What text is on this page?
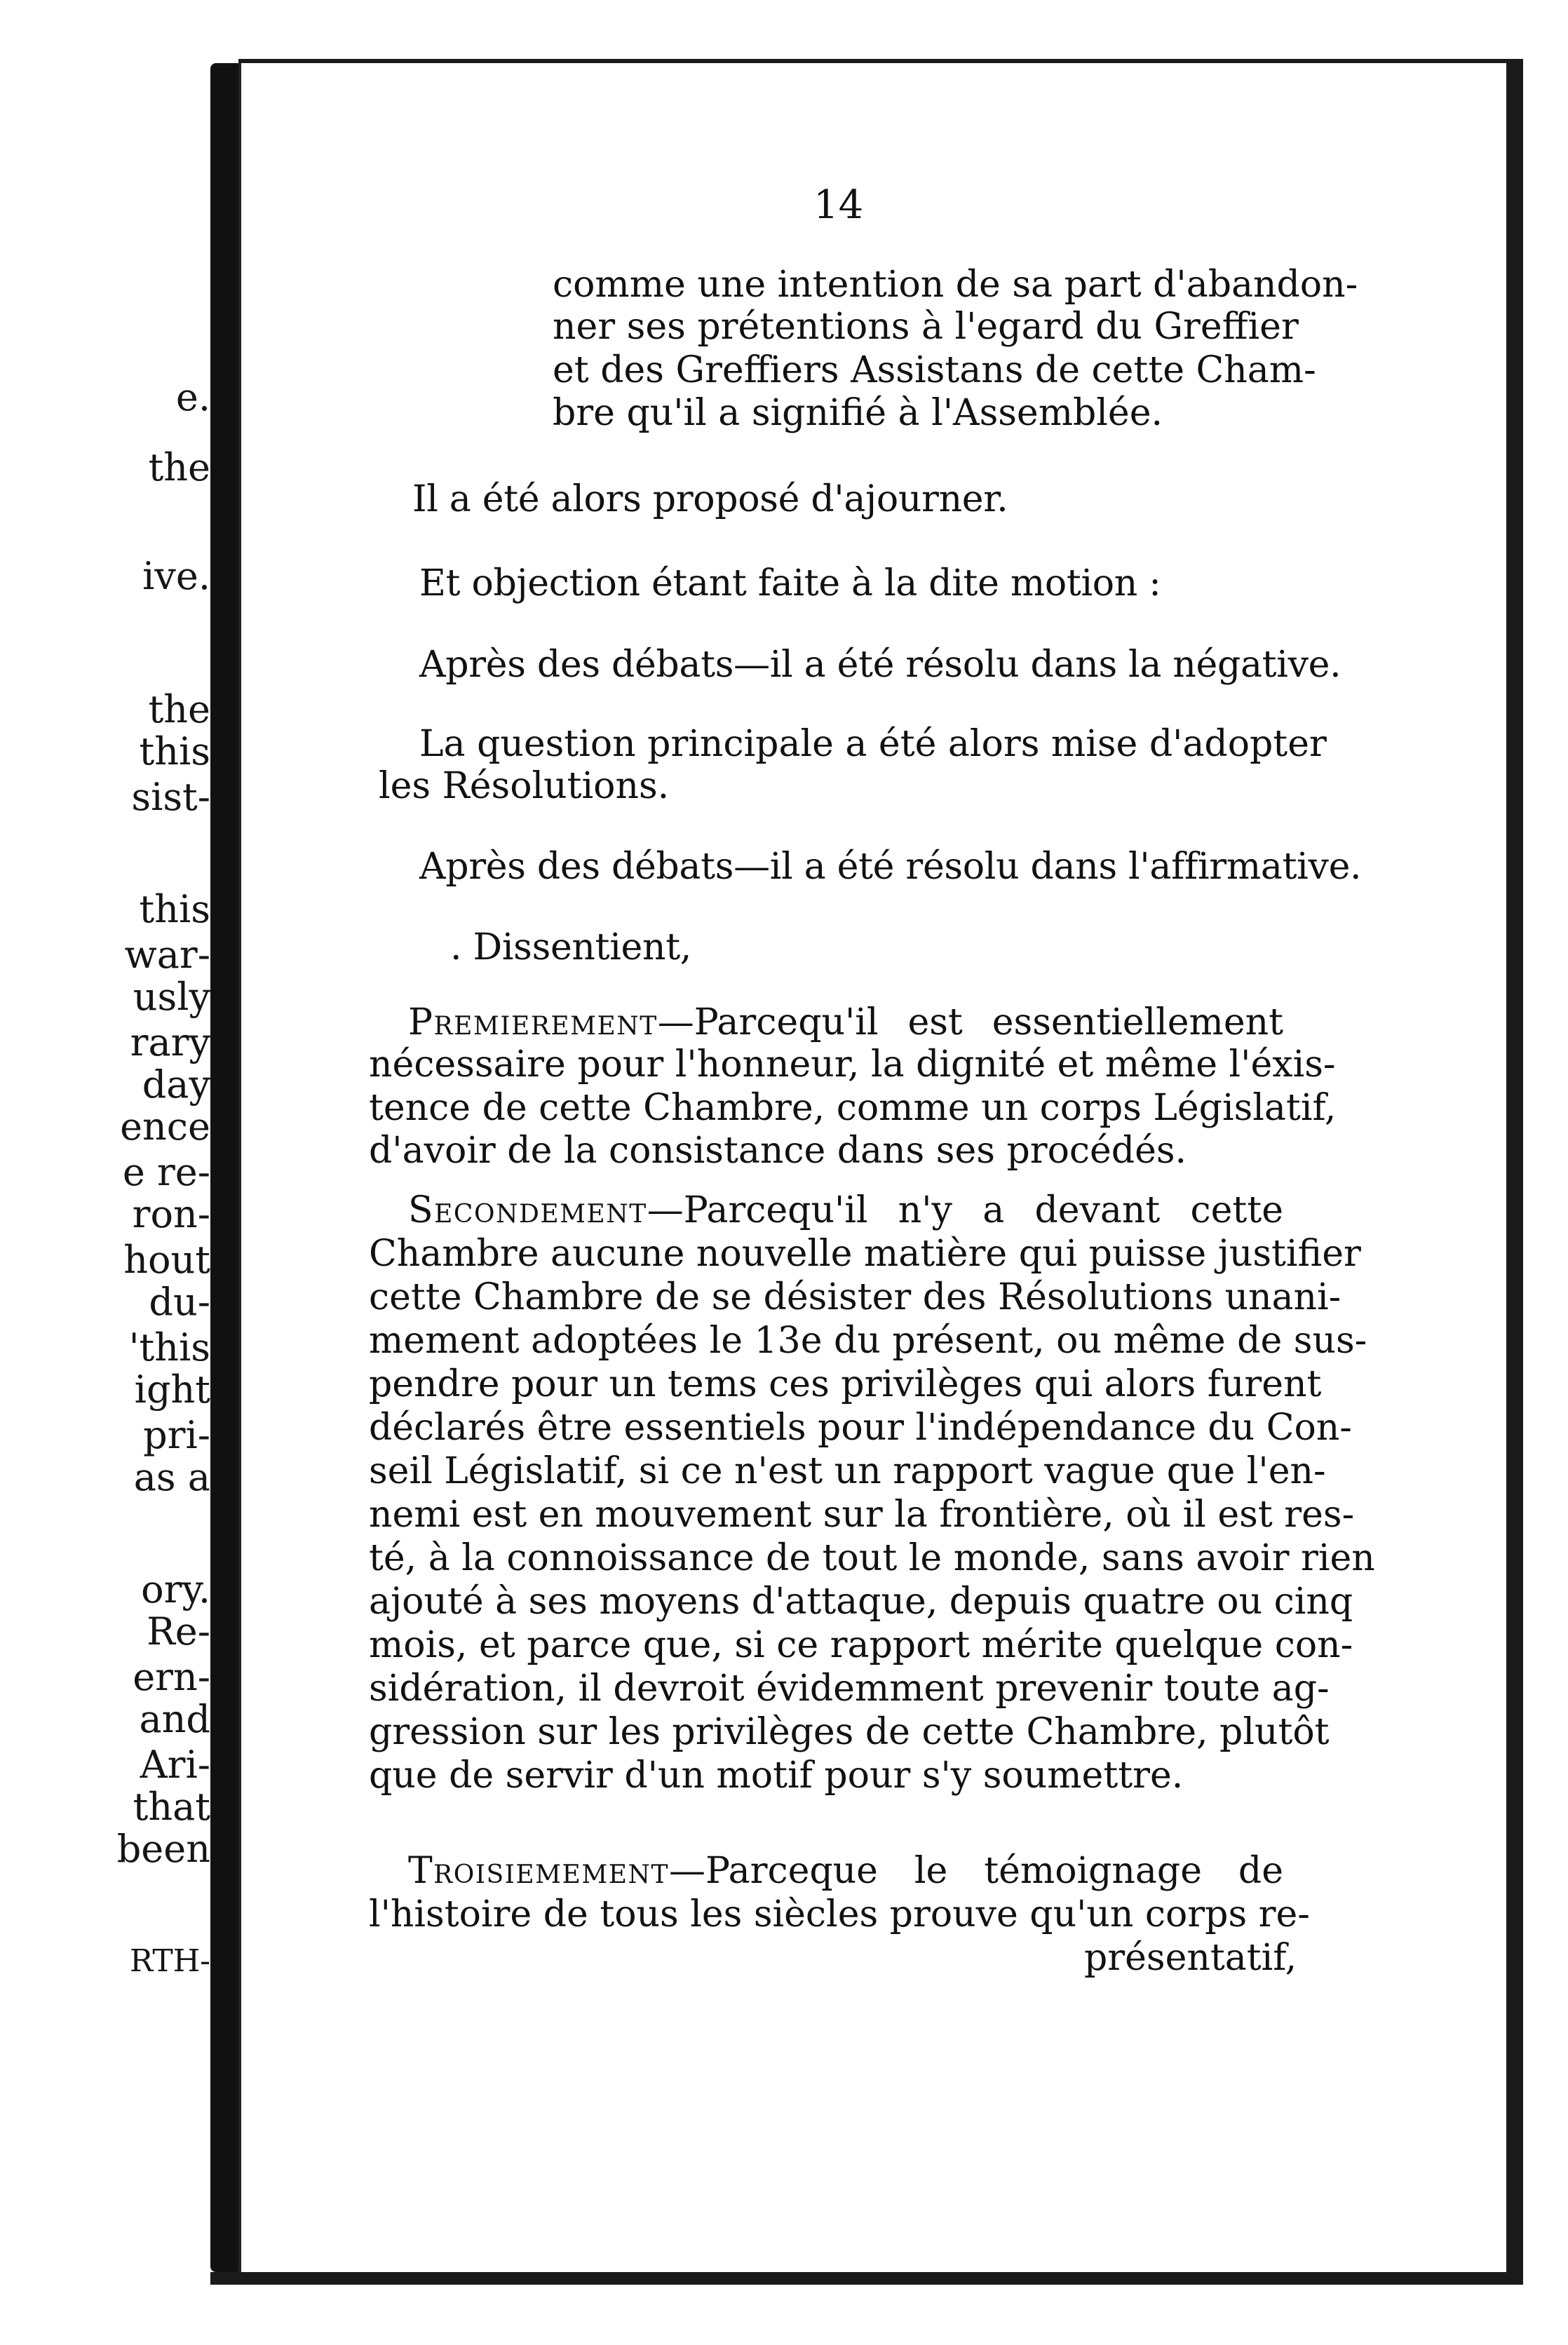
e.
the
ive.
the
this
sist-
this
war-
usly
rary
day
ence
e re-
ron-
hout
du-
'this
ight
pri-
as a
ory.
Re-
ern-
and
Ari-
that
been
RTH-
14
comme une intention de sa part d'abandon-
ner ses prétentions à l'egard du Greffier
et des Greffiers Assistans de cette Cham-
bre qu'il a signifié à l'Assemblée.
Il a été alors proposé d'ajourner.
Et objection étant faite à la dite motion :
Après des débats—il a été résolu dans la négative.
La question principale a été alors mise d'adopter
les Résolutions.
Après des débats—il a été résolu dans l'affirmative.
. Dissentient,
Premierement —Parcequ'il est essentiellement
nécessaire pour l'honneur, la dignité et même l'éxis-
tence de cette Chambre, comme un corps Législatif,
d'avoir de la consistance dans ses procédés.
Secondement —Parcequ'il n'y a devant cette
Chambre aucune nouvelle matière qui puisse justifier
cette Chambre de se désister des Résolutions unani-
mement adoptées le 13e du présent, ou même de sus-
pendre pour un tems ces privilèges qui alors furent
déclarés être essentiels pour l'indépendance du Con-
seil Législatif, si ce n'est un rapport vague que l'en-
nemi est en mouvement sur la frontière, où il est res-
té, à la connoissance de tout le monde, sans avoir rien
ajouté à ses moyens d'attaque, depuis quatre ou cinq
mois, et parce que, si ce rapport mérite quelque con-
sidération, il devroit évidemment prevenir toute ag-
gression sur les privilèges de cette Chambre, plutôt
que de servir d'un motif pour s'y soumettre.
Troisiemement —Parceque le témoignage de
l'histoire de tous les siècles prouve qu'un corps re-
présentatif,
